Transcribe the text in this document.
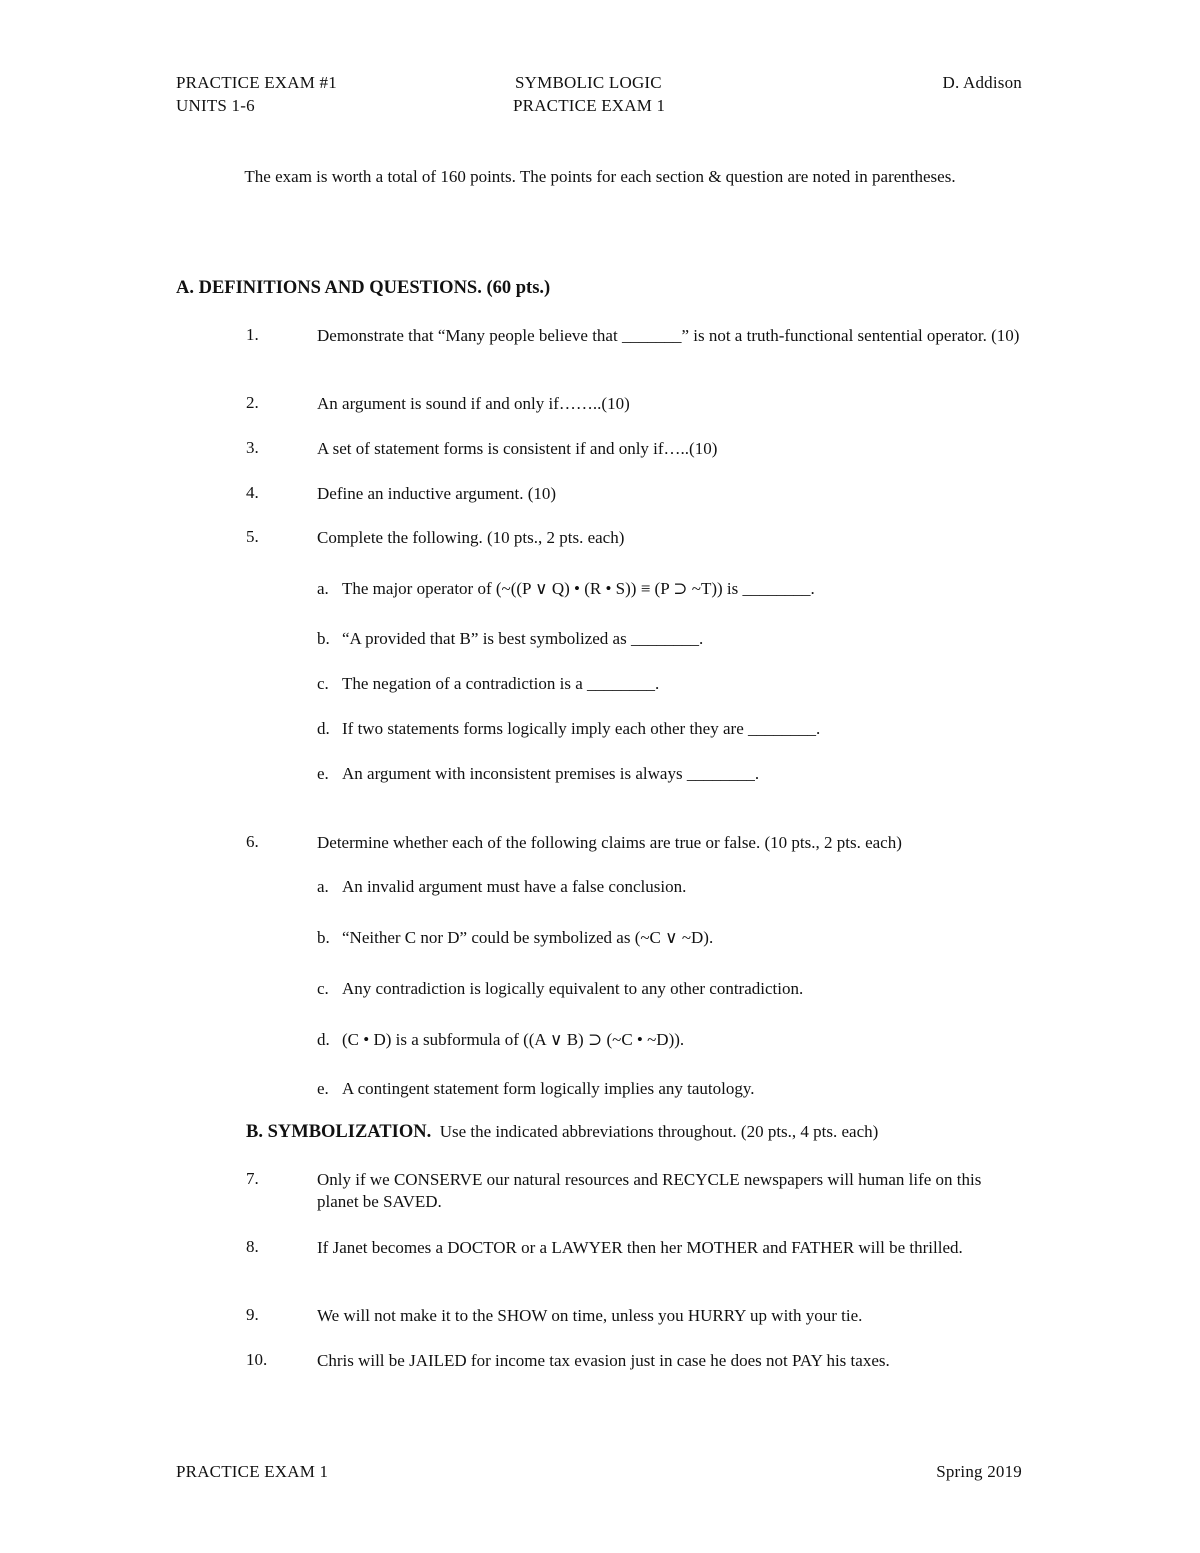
PRACTICE EXAM #1
UNITS 1-6
SYMBOLIC LOGIC
PRACTICE EXAM 1
D. Addison
The exam is worth a total of 160 points. The points for each section & question are noted in parentheses.
A. DEFINITIONS AND QUESTIONS. (60 pts.)
1.	Demonstrate that “Many people believe that _______” is not a truth-functional sentential operator. (10)
2.	An argument is sound if and only if……..(10)
3.	A set of statement forms is consistent if and only if…..(10)
4.	Define an inductive argument. (10)
5.	Complete the following. (10 pts., 2 pts. each)
a. The major operator of (~((P ∨ Q) • (R • S)) ≡ (P ⊃ ~T)) is ________.
b. “A provided that B” is best symbolized as ________.
c. The negation of a contradiction is a ________.
d. If two statements forms logically imply each other they are ________.
e. An argument with inconsistent premises is always ________.
6.	Determine whether each of the following claims are true or false. (10 pts., 2 pts. each)
a. An invalid argument must have a false conclusion.
b. “Neither C nor D” could be symbolized as (~C ∨ ~D).
c. Any contradiction is logically equivalent to any other contradiction.
d. (C • D) is a subformula of ((A ∨ B) ⊃ (~C • ~D)).
e. A contingent statement form logically implies any tautology.
B. SYMBOLIZATION. Use the indicated abbreviations throughout. (20 pts., 4 pts. each)
7.	Only if we CONSERVE our natural resources and RECYCLE newspapers will human life on this planet be SAVED.
8.	If Janet becomes a DOCTOR or a LAWYER then her MOTHER and FATHER will be thrilled.
9.	We will not make it to the SHOW on time, unless you HURRY up with your tie.
10.	Chris will be JAILED for income tax evasion just in case he does not PAY his taxes.
PRACTICE EXAM 1	Spring 2019
